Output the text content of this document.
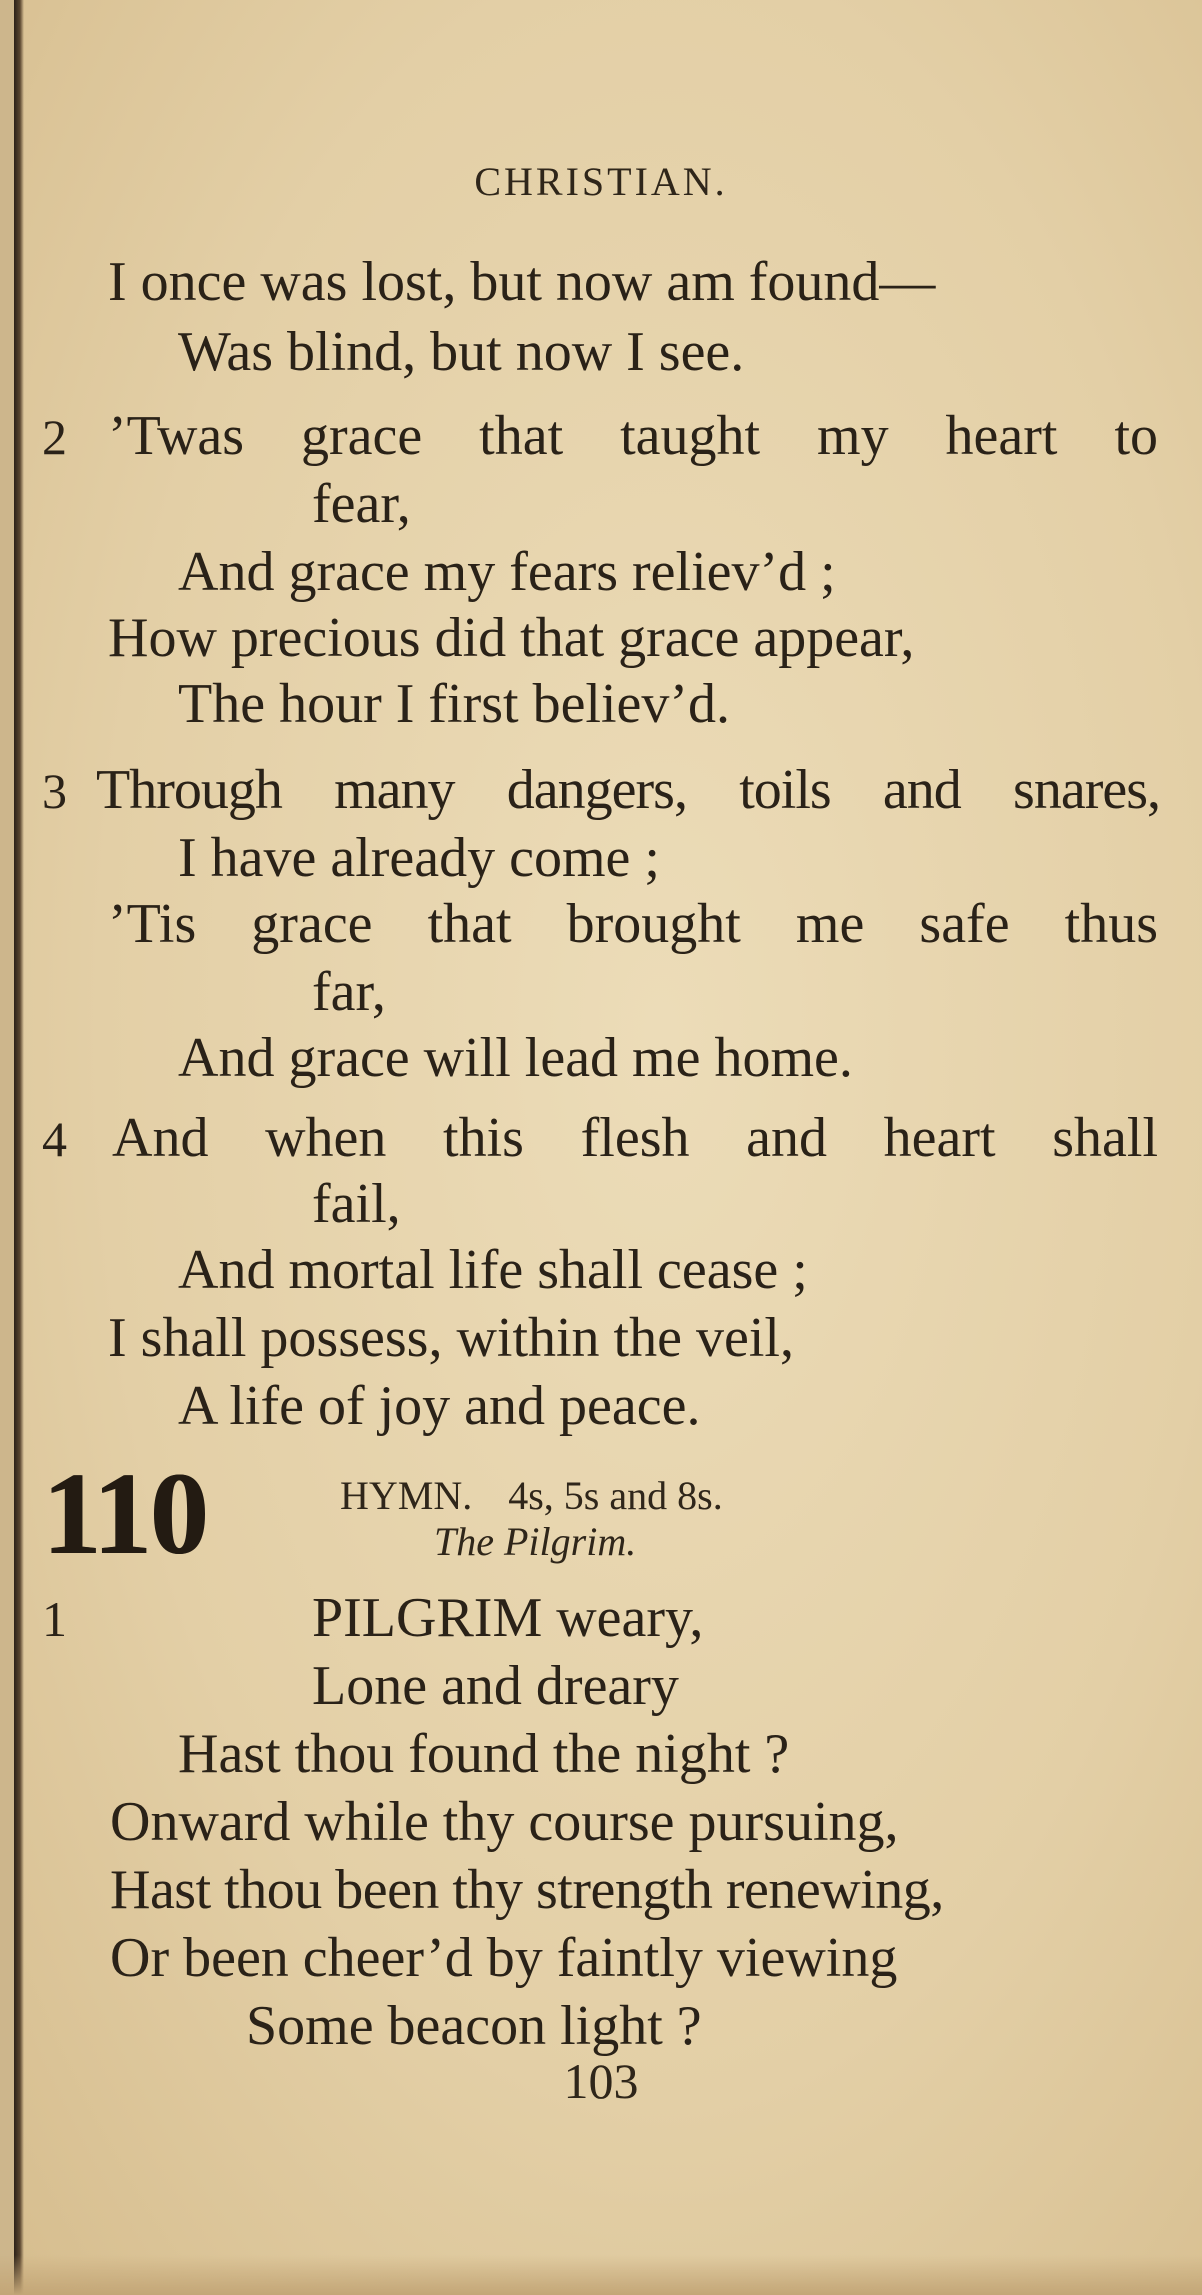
CHRISTIAN.
I once was lost, but now am found—
Was blind, but now I see.
2 ’Twas grace that taught my heart to
fear,
And grace my fears reliev’d ;
How precious did that grace appear,
The hour I first believ’d.
3 Through many dangers, toils and snares,
I have already come ;
’Tis grace that brought me safe thus
far,
And grace will lead me home.
4 And when this flesh and heart shall
fail,
And mortal life shall cease ;
I shall possess, within the veil,
A life of joy and peace.
110	HYMN. 4s, 5s and 8s.
The Pilgrim.
1	PILGRIM weary,
Lone and dreary
Hast thou found the night ?
Onward while thy course pursuing,
Hast thou been thy strength renewing,
Or been cheer’d by faintly viewing
Some beacon light ?
103
